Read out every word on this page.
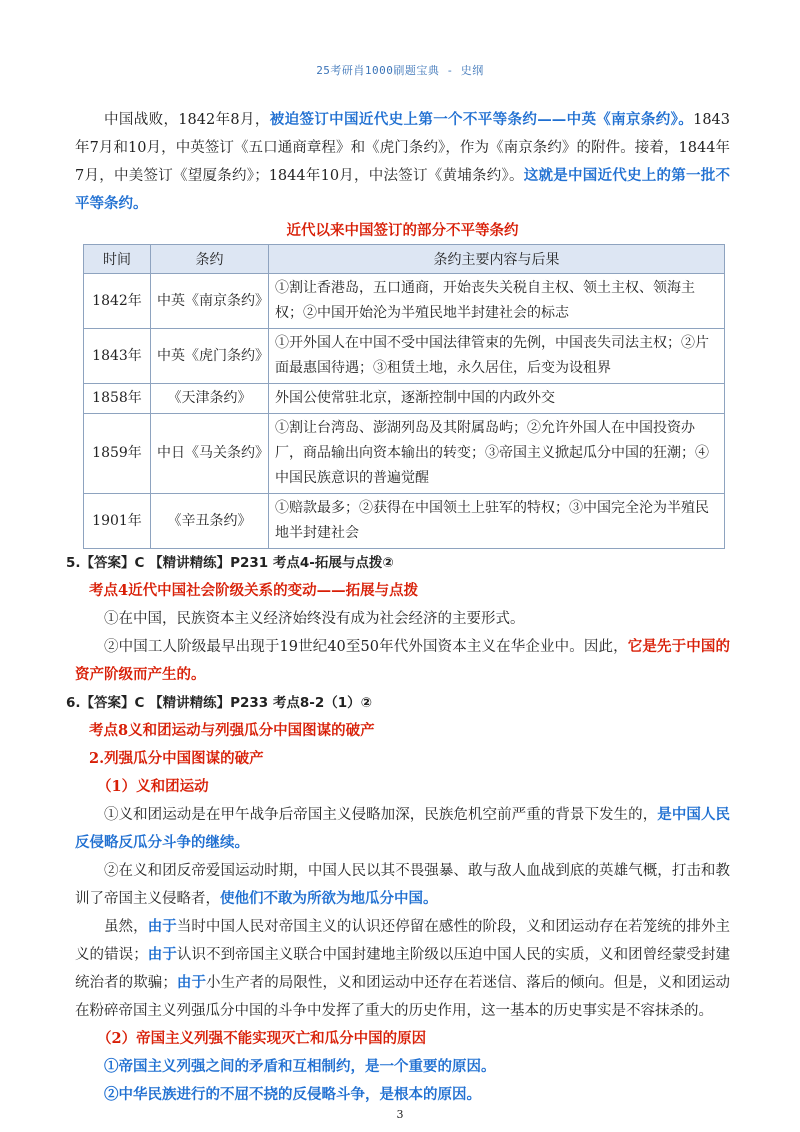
25考研肖1000刷题宝典 - 史纲

中国战败，1842年8月，被迫签订中国近代史上第一个不平等条约——中英《南京条约》。1843年7月和10月，中英签订《五口通商章程》和《虎门条约》，作为《南京条约》的附件。接着，1844年7月，中美签订《望厦条约》；1844年10月，中法签订《黄埔条约》。这就是中国近代史上的第一批不平等条约。

近代以来中国签订的部分不平等条约
时间	条约	条约主要内容与后果
1842年	中英《南京条约》	①割让香港岛，五口通商，开始丧失关税自主权、领土主权、领海主权；②中国开始沦为半殖民地半封建社会的标志
1843年	中英《虎门条约》	①开外国人在中国不受中国法律管束的先例，中国丧失司法主权；②片面最惠国待遇；③租赁土地，永久居住，后变为设租界
1858年	《天津条约》	外国公使常驻北京，逐渐控制中国的内政外交
1859年	中日《马关条约》	①割让台湾岛、澎湖列岛及其附属岛屿；②允许外国人在中国投资办厂，商品输出向资本输出的转变；③帝国主义掀起瓜分中国的狂潮；④中国民族意识的普遍觉醒
1901年	《辛丑条约》	①赔款最多；②获得在中国领土上驻军的特权；③中国完全沦为半殖民地半封建社会

5.【答案】C 【精讲精练】P231 考点4-拓展与点拨②

考点4近代中国社会阶级关系的变动——拓展与点拨

①在中国，民族资本主义经济始终没有成为社会经济的主要形式。

②中国工人阶级最早出现于19世纪40至50年代外国资本主义在华企业中。因此，它是先于中国的资产阶级而产生的。

6.【答案】C 【精讲精练】P233 考点8-2（1）②

考点8义和团运动与列强瓜分中国图谋的破产

2.列强瓜分中国图谋的破产

（1）义和团运动

①义和团运动是在甲午战争后帝国主义侵略加深，民族危机空前严重的背景下发生的，是中国人民反侵略反瓜分斗争的继续。

②在义和团反帝爱国运动时期，中国人民以其不畏强暴、敢与敌人血战到底的英雄气概，打击和教训了帝国主义侵略者，使他们不敢为所欲为地瓜分中国。

虽然，由于当时中国人民对帝国主义的认识还停留在感性的阶段，义和团运动存在若笼统的排外主义的错误；由于认识不到帝国主义联合中国封建地主阶级以压迫中国人民的实质，义和团曾经蒙受封建统治者的欺骗；由于小生产者的局限性，义和团运动中还存在若迷信、落后的倾向。但是，义和团运动在粉碎帝国主义列强瓜分中国的斗争中发挥了重大的历史作用，这一基本的历史事实是不容抹杀的。

（2）帝国主义列强不能实现灭亡和瓜分中国的原因

①帝国主义列强之间的矛盾和互相制约，是一个重要的原因。

②中华民族进行的不屈不挠的反侵略斗争，是根本的原因。

3
